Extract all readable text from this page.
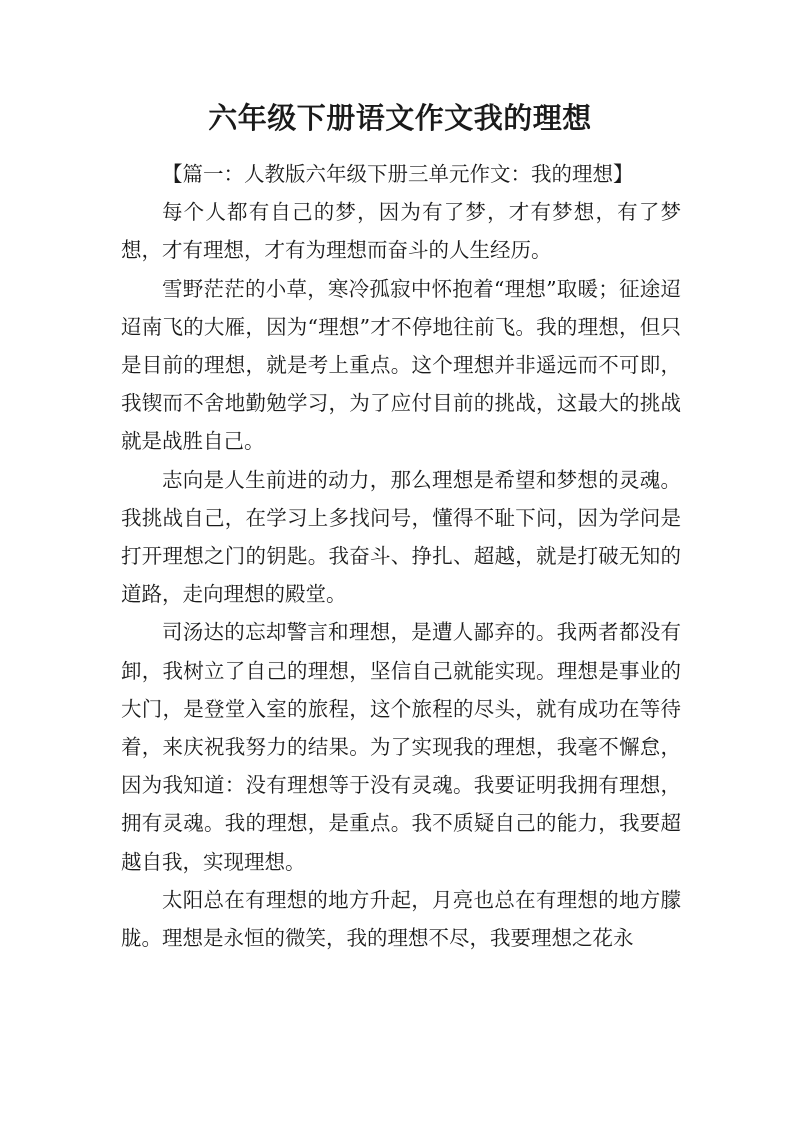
六年级下册语文作文我的理想

【篇一：人教版六年级下册三单元作文：我的理想】

每个人都有自己的梦，因为有了梦，才有梦想，有了梦想，才有理想，才有为理想而奋斗的人生经历。

雪野茫茫的小草，寒冷孤寂中怀抱着“理想”取暖；征途迢迢南飞的大雁，因为“理想”才不停地往前飞。我的理想，但只是目前的理想，就是考上重点。这个理想并非遥远而不可即，我锲而不舍地勤勉学习，为了应付目前的挑战，这最大的挑战就是战胜自己。

志向是人生前进的动力，那么理想是希望和梦想的灵魂。我挑战自己，在学习上多找问号，懂得不耻下问，因为学问是打开理想之门的钥匙。我奋斗、挣扎、超越，就是打破无知的道路，走向理想的殿堂。

司汤达的忘却警言和理想，是遭人鄙弃的。我两者都没有卸，我树立了自己的理想，坚信自己就能实现。理想是事业的大门，是登堂入室的旅程，这个旅程的尽头，就有成功在等待着，来庆祝我努力的结果。为了实现我的理想，我毫不懈怠，因为我知道：没有理想等于没有灵魂。我要证明我拥有理想，拥有灵魂。我的理想，是重点。我不质疑自己的能力，我要超越自我，实现理想。

太阳总在有理想的地方升起，月亮也总在有理想的地方朦胧。理想是永恒的微笑，我的理想不尽，我要理想之花永
